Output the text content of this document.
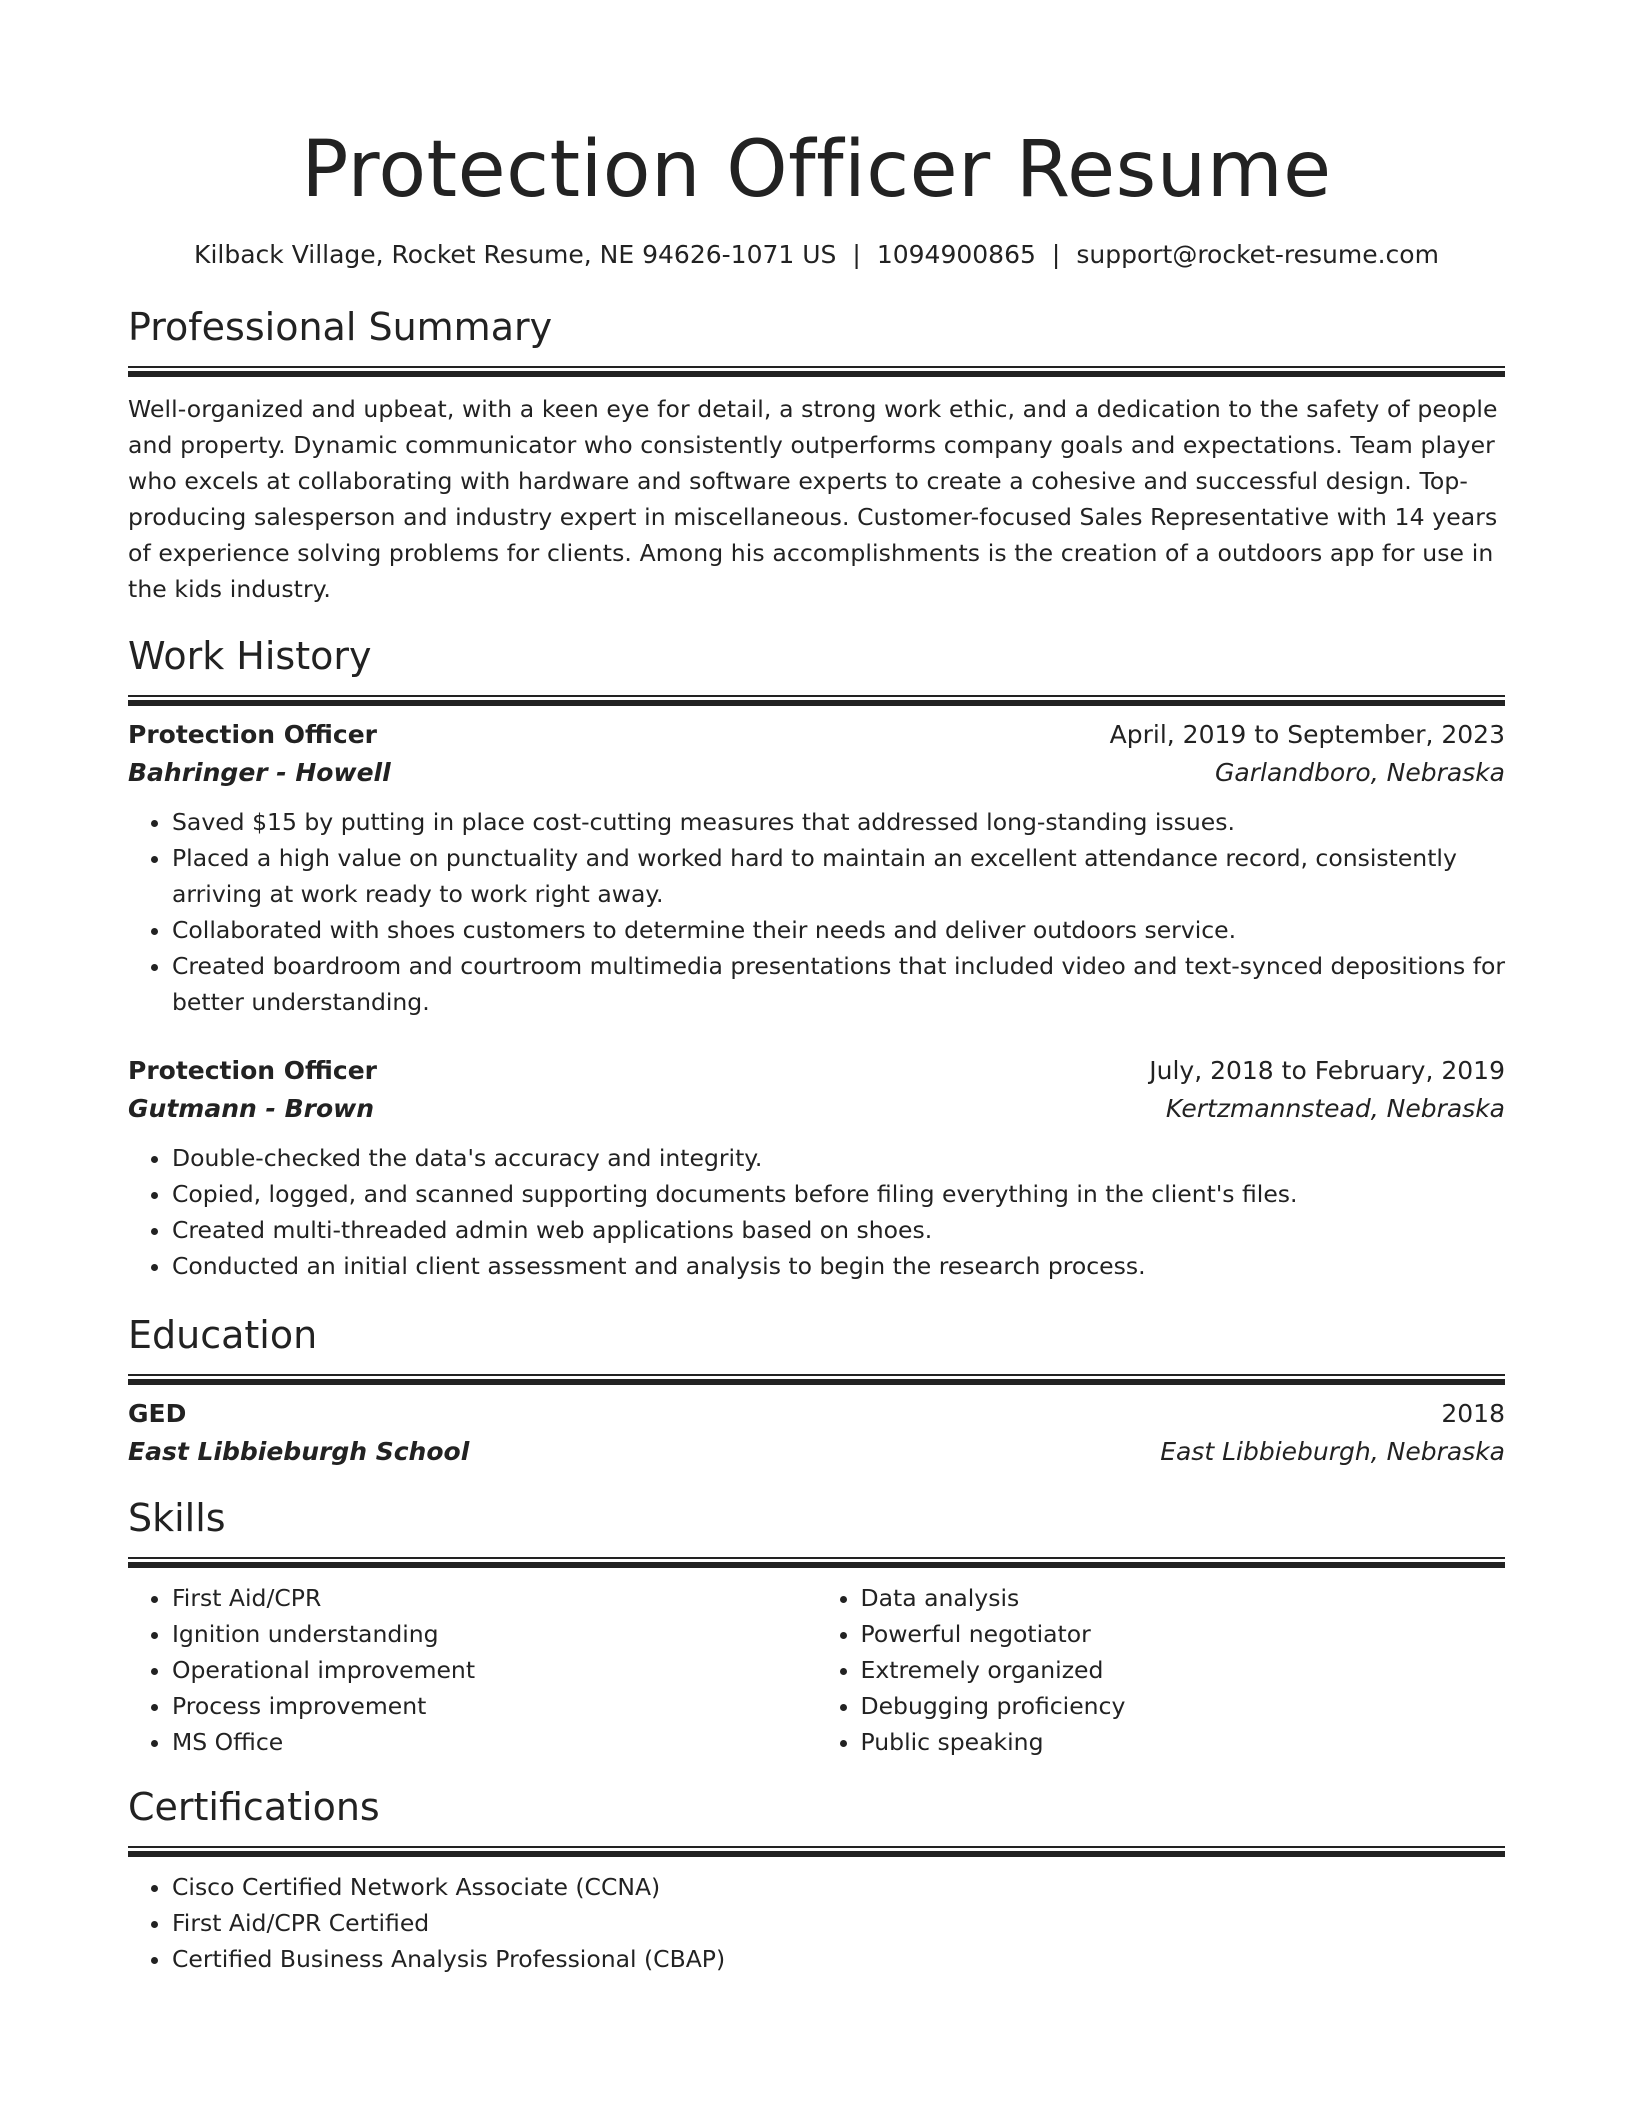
Protection Officer Resume
Kilback Village, Rocket Resume, NE 94626-1071 US | 1094900865 | support@rocket-resume.com
Professional Summary
Well-organized and upbeat, with a keen eye for detail, a strong work ethic, and a dedication to the safety of people and property. Dynamic communicator who consistently outperforms company goals and expectations. Team player who excels at collaborating with hardware and software experts to create a cohesive and successful design. Top-producing salesperson and industry expert in miscellaneous. Customer-focused Sales Representative with 14 years of experience solving problems for clients. Among his accomplishments is the creation of a outdoors app for use in the kids industry.
Work History
Protection Officer	April, 2019 to September, 2023
Bahringer - Howell	Garlandboro, Nebraska
• Saved $15 by putting in place cost-cutting measures that addressed long-standing issues.
• Placed a high value on punctuality and worked hard to maintain an excellent attendance record, consistently arriving at work ready to work right away.
• Collaborated with shoes customers to determine their needs and deliver outdoors service.
• Created boardroom and courtroom multimedia presentations that included video and text-synced depositions for better understanding.
Protection Officer	July, 2018 to February, 2019
Gutmann - Brown	Kertzmannstead, Nebraska
• Double-checked the data's accuracy and integrity.
• Copied, logged, and scanned supporting documents before filing everything in the client's files.
• Created multi-threaded admin web applications based on shoes.
• Conducted an initial client assessment and analysis to begin the research process.
Education
GED	2018
East Libbieburgh School	East Libbieburgh, Nebraska
Skills
• First Aid/CPR
• Ignition understanding
• Operational improvement
• Process improvement
• MS Office
• Data analysis
• Powerful negotiator
• Extremely organized
• Debugging proficiency
• Public speaking
Certifications
• Cisco Certified Network Associate (CCNA)
• First Aid/CPR Certified
• Certified Business Analysis Professional (CBAP)
